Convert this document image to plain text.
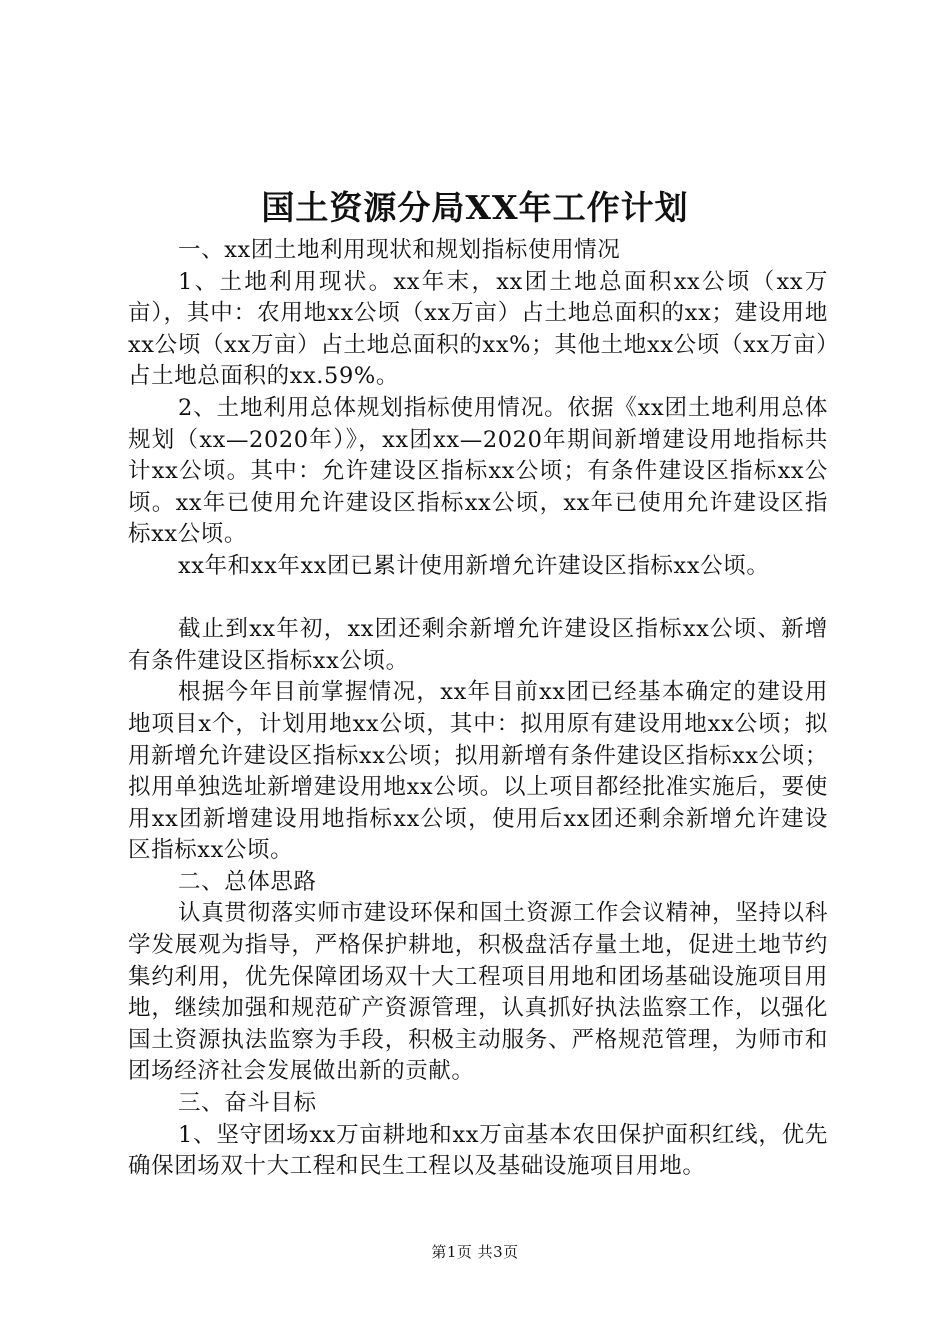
国土资源分局XX年工作计划

一、xx团土地利用现状和规划指标使用情况

1、土地利用现状。xx年末，xx团土地总面积xx公顷（xx万亩），其中：农用地xx公顷（xx万亩）占土地总面积的xx；建设用地xx公顷（xx万亩）占土地总面积的xx%；其他土地xx公顷（xx万亩）占土地总面积的xx.59%。

2、土地利用总体规划指标使用情况。依据《xx团土地利用总体规划（xx—2020年）》，xx团xx—2020年期间新增建设用地指标共计xx公顷。其中：允许建设区指标xx公顷；有条件建设区指标xx公顷。xx年已使用允许建设区指标xx公顷，xx年已使用允许建设区指标xx公顷。

xx年和xx年xx团已累计使用新增允许建设区指标xx公顷。

截止到xx年初，xx团还剩余新增允许建设区指标xx公顷、新增有条件建设区指标xx公顷。

根据今年目前掌握情况，xx年目前xx团已经基本确定的建设用地项目x个，计划用地xx公顷，其中：拟用原有建设用地xx公顷；拟用新增允许建设区指标xx公顷；拟用新增有条件建设区指标xx公顷；拟用单独选址新增建设用地xx公顷。以上项目都经批准实施后，要使用xx团新增建设用地指标xx公顷，使用后xx团还剩余新增允许建设区指标xx公顷。

二、总体思路

认真贯彻落实师市建设环保和国土资源工作会议精神，坚持以科学发展观为指导，严格保护耕地，积极盘活存量土地，促进土地节约集约利用，优先保障团场双十大工程项目用地和团场基础设施项目用地，继续加强和规范矿产资源管理，认真抓好执法监察工作，以强化国土资源执法监察为手段，积极主动服务、严格规范管理，为师市和团场经济社会发展做出新的贡献。

三、奋斗目标

1、坚守团场xx万亩耕地和xx万亩基本农田保护面积红线，优先确保团场双十大工程和民生工程以及基础设施项目用地。

第1页 共3页
